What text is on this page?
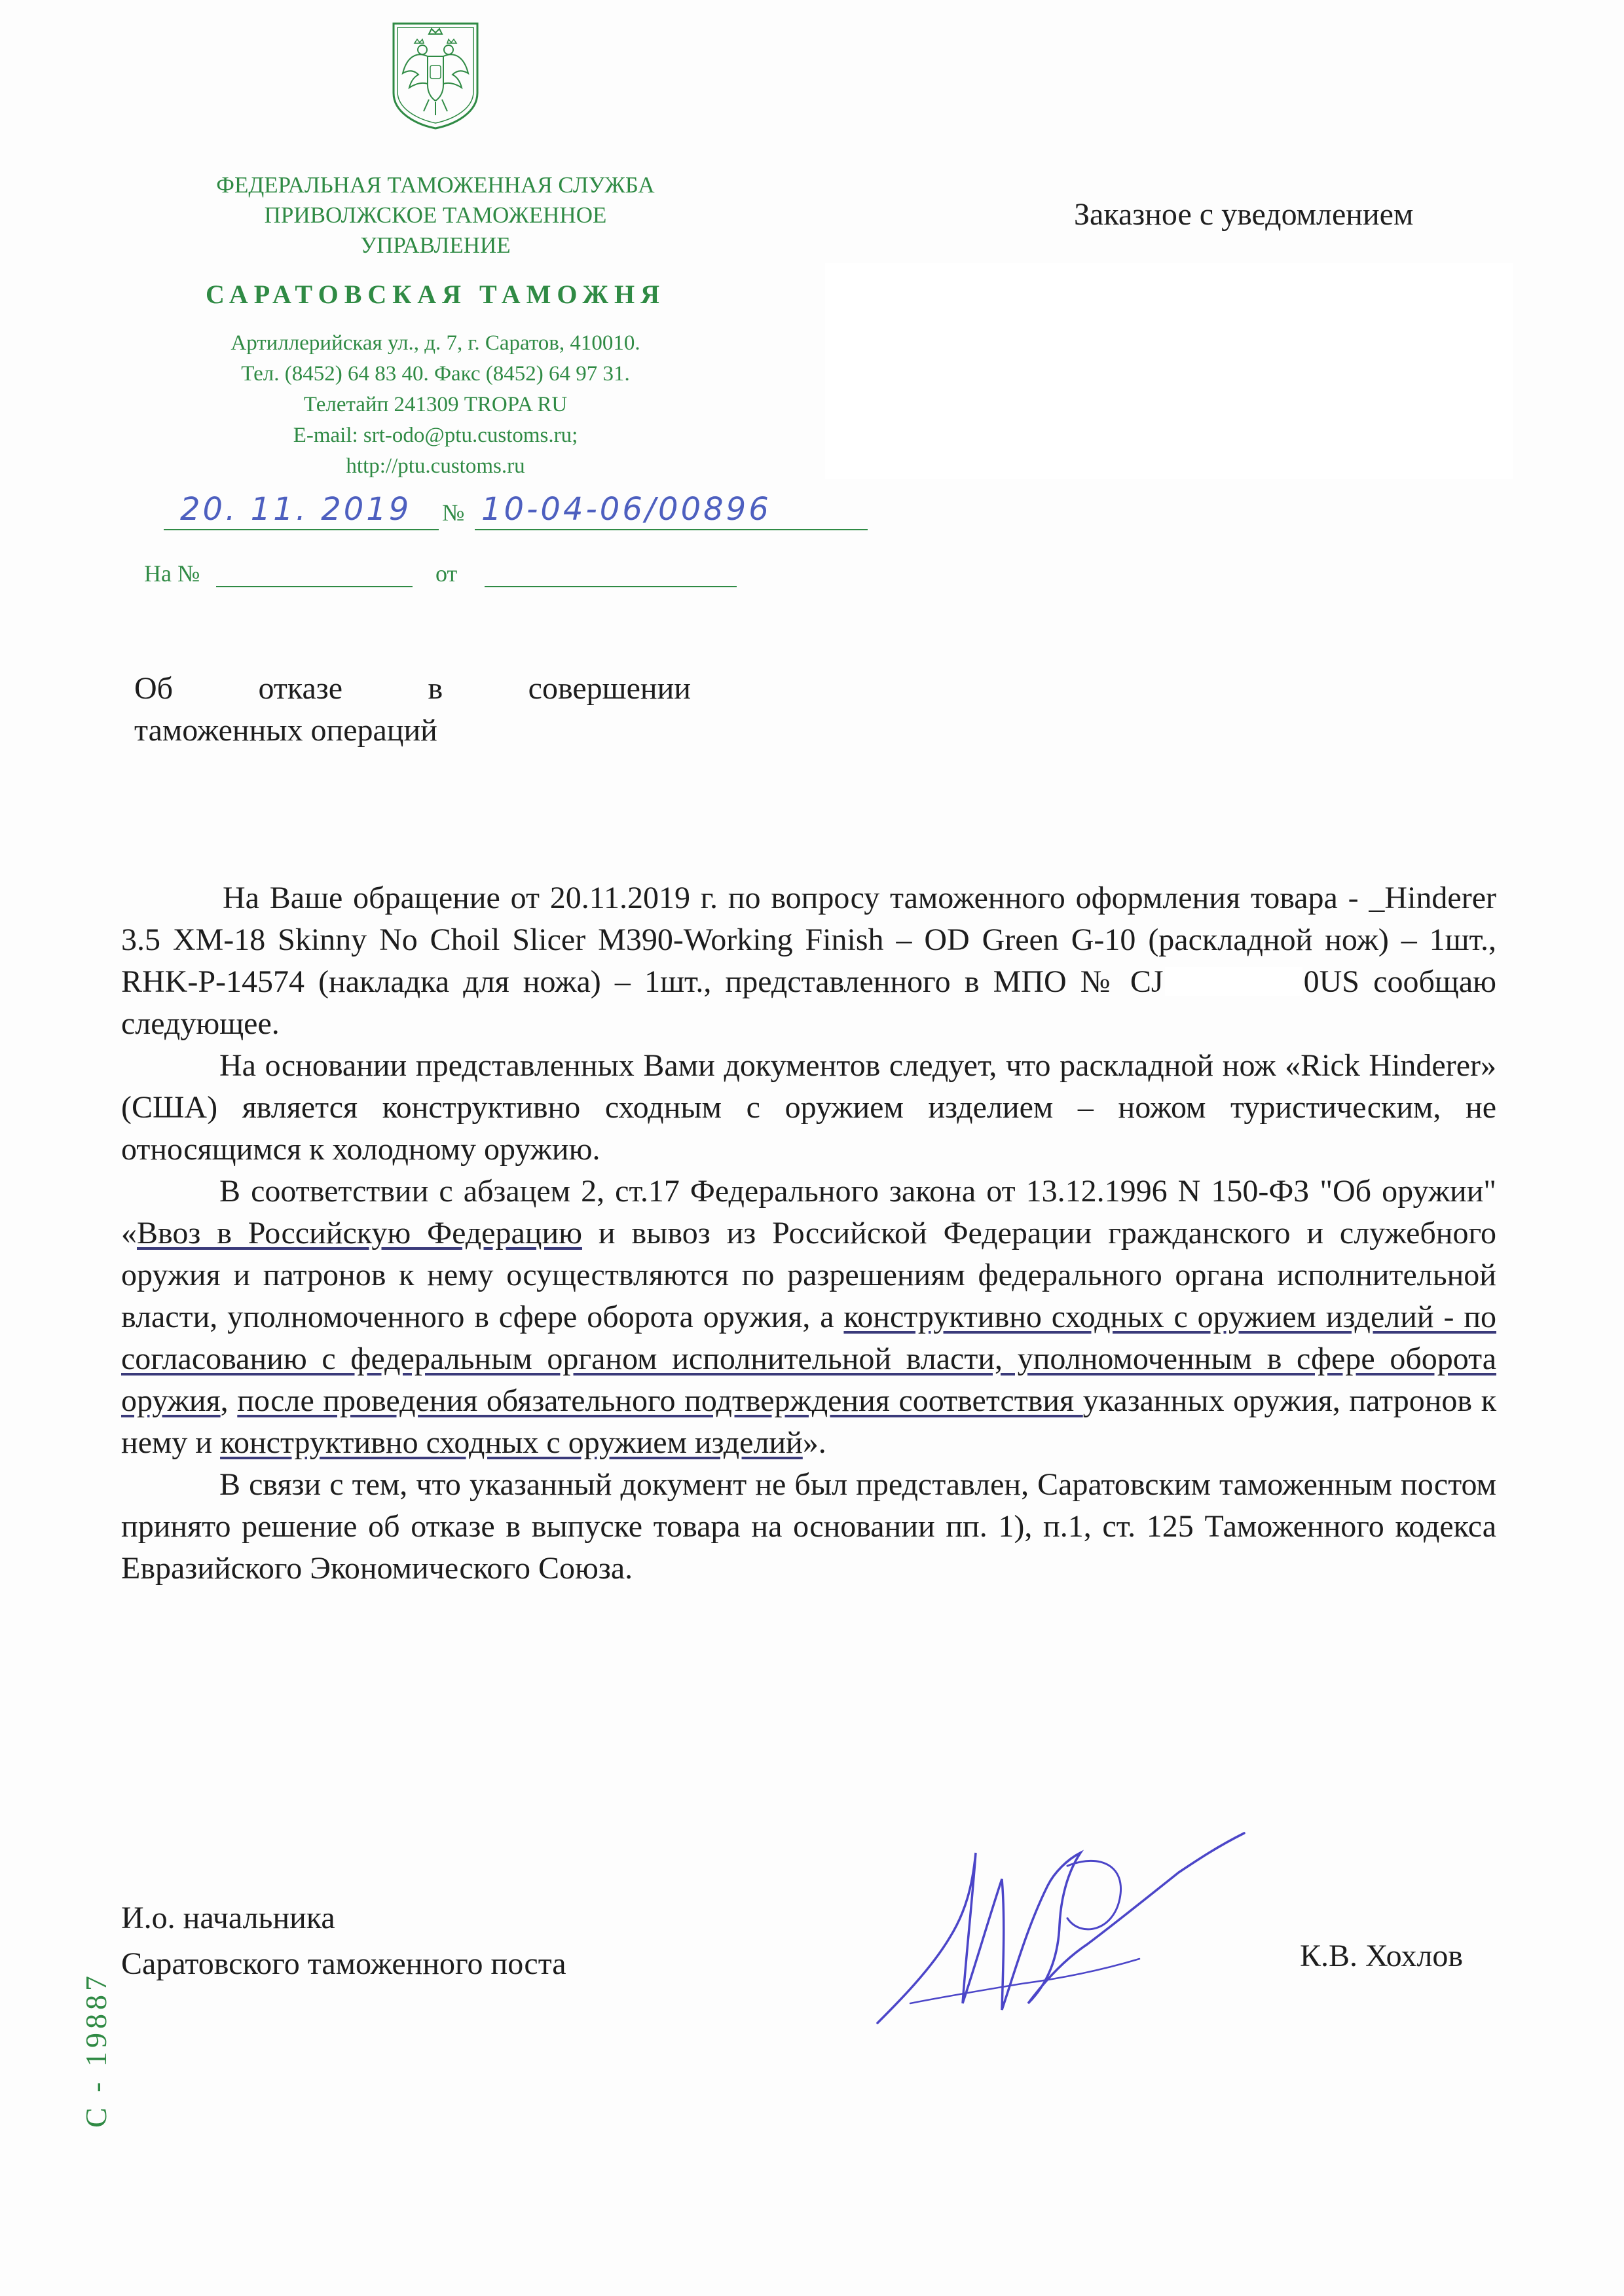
ФЕДЕРАЛЬНАЯ ТАМОЖЕННАЯ СЛУЖБА
ПРИВОЛЖСКОЕ ТАМОЖЕННОЕ
УПРАВЛЕНИЕ
САРАТОВСКАЯ ТАМОЖНЯ
Артиллерийская ул., д. 7, г. Саратов, 410010.
Тел. (8452) 64 83 40. Факс (8452) 64 97 31.
Телетайп 241309 TROPA RU
E-mail: srt-odo@ptu.customs.ru;
http://ptu.customs.ru
20. 11. 2019 № 10-04-06/00896
На №	от
Заказное с уведомлением
Об	отказе	в	совершении
таможенных операций

На Ваше обращение от 20.11.2019 г. по вопросу таможенного оформления товара - _Hinderer 3.5 XM-18 Skinny No Choil Slicer M390-Working Finish – OD Green G-10 (раскладной нож) – 1шт., RHK-P-14574 (накладка для ножа) – 1шт., представленного в МПО № CJ	0US сообщаю следующее.

На основании представленных Вами документов следует, что раскладной нож «Rick Hinderer» (США) является конструктивно сходным с оружием изделием – ножом туристическим, не относящимся к холодному оружию.

В соответствии с абзацем 2, ст.17 Федерального закона от 13.12.1996 N 150-ФЗ "Об оружии" «Ввоз в Российскую Федерацию и вывоз из Российской Федерации гражданского и служебного оружия и патронов к нему осуществляются по разрешениям федерального органа исполнительной власти, уполномоченного в сфере оборота оружия, а конструктивно сходных с оружием изделий - по согласованию с федеральным органом исполнительной власти, уполномоченным в сфере оборота оружия, после проведения обязательного подтверждения соответствия указанных оружия, патронов к нему и конструктивно сходных с оружием изделий».

В связи с тем, что указанный документ не был представлен, Саратовским таможенным постом принято решение об отказе в выпуске товара на основании пп. 1), п.1, ст. 125 Таможенного кодекса Евразийского Экономического Союза.

И.о. начальника
Саратовского таможенного поста	К.В. Хохлов
С - 19887
